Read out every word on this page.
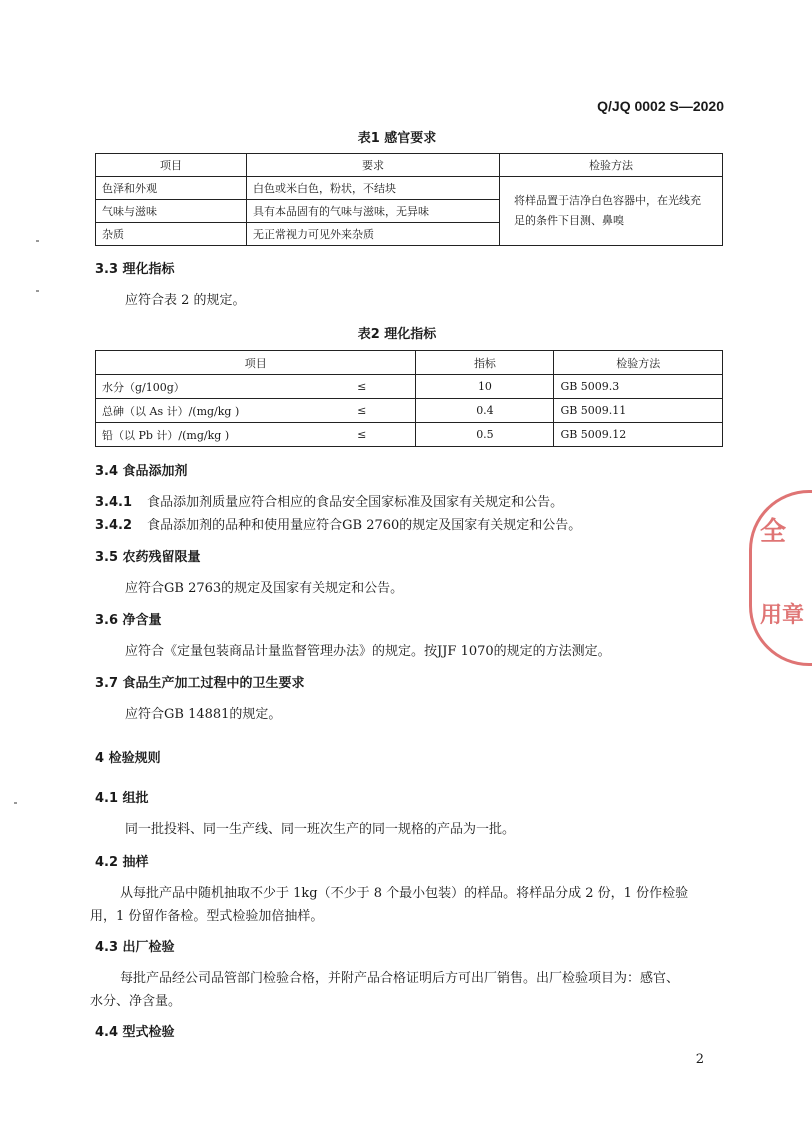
Q/JQ 0002 S—2020
表1 感官要求
项目	要求	检验方法
色泽和外观	白色或米白色，粉状，不结块	将样品置于洁净白色容器中，在光线充足的条件下目测、鼻嗅
气味与滋味	具有本品固有的气味与滋味，无异味	
杂质	无正常视力可见外来杂质	
3.3 理化指标
应符合表 2 的规定。
表2 理化指标
项目		指标	检验方法
水分（g/100g）	≤	10	GB 5009.3
总砷（以 As 计）/(mg/kg )	≤	0.4	GB 5009.11
铅（以 Pb 计）/(mg/kg )	≤	0.5	GB 5009.12
3.4 食品添加剂
3.4.1 食品添加剂质量应符合相应的食品安全国家标准及国家有关规定和公告。
3.4.2 食品添加剂的品种和使用量应符合GB 2760的规定及国家有关规定和公告。
3.5 农药残留限量
应符合GB 2763的规定及国家有关规定和公告。
3.6 净含量
应符合《定量包装商品计量监督管理办法》的规定。按JJF 1070的规定的方法测定。
3.7 食品生产加工过程中的卫生要求
应符合GB 14881的规定。
4 检验规则
4.1 组批
同一批投料、同一生产线、同一班次生产的同一规格的产品为一批。
4.2 抽样
从每批产品中随机抽取不少于 1kg（不少于 8 个最小包装）的样品。将样品分成 2 份，1 份作检验
用，1 份留作备检。型式检验加倍抽样。
4.3 出厂检验
每批产品经公司品管部门检验合格，并附产品合格证明后方可出厂销售。出厂检验项目为：感官、
水分、净含量。
4.4 型式检验
全
用章
2
